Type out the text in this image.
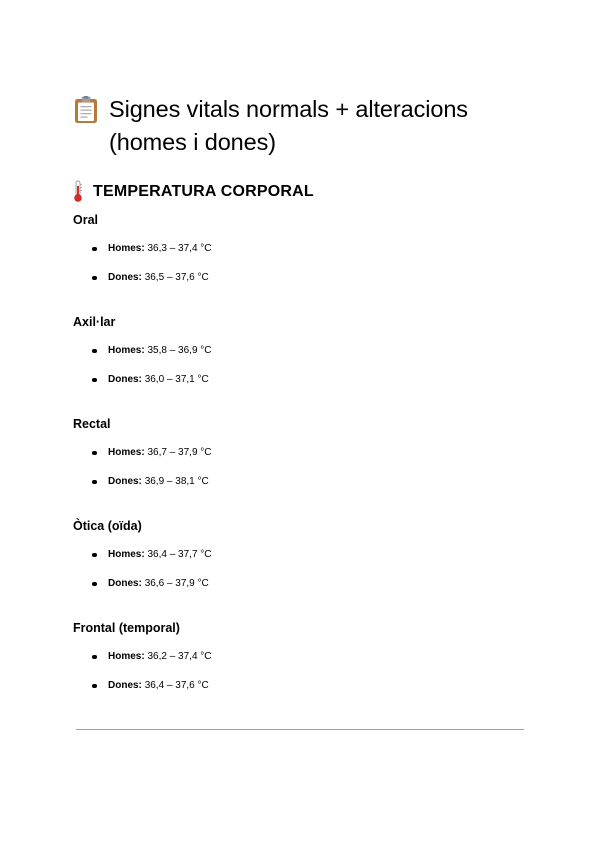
Signes vitals normals + alteracions (homes i dones)
TEMPERATURA CORPORAL
Oral
Homes: 36,3 – 37,4 °C
Dones: 36,5 – 37,6 °C
Axil·lar
Homes: 35,8 – 36,9 °C
Dones: 36,0 – 37,1 °C
Rectal
Homes: 36,7 – 37,9 °C
Dones: 36,9 – 38,1 °C
Òtica (oïda)
Homes: 36,4 – 37,7 °C
Dones: 36,6 – 37,9 °C
Frontal (temporal)
Homes: 36,2 – 37,4 °C
Dones: 36,4 – 37,6 °C
